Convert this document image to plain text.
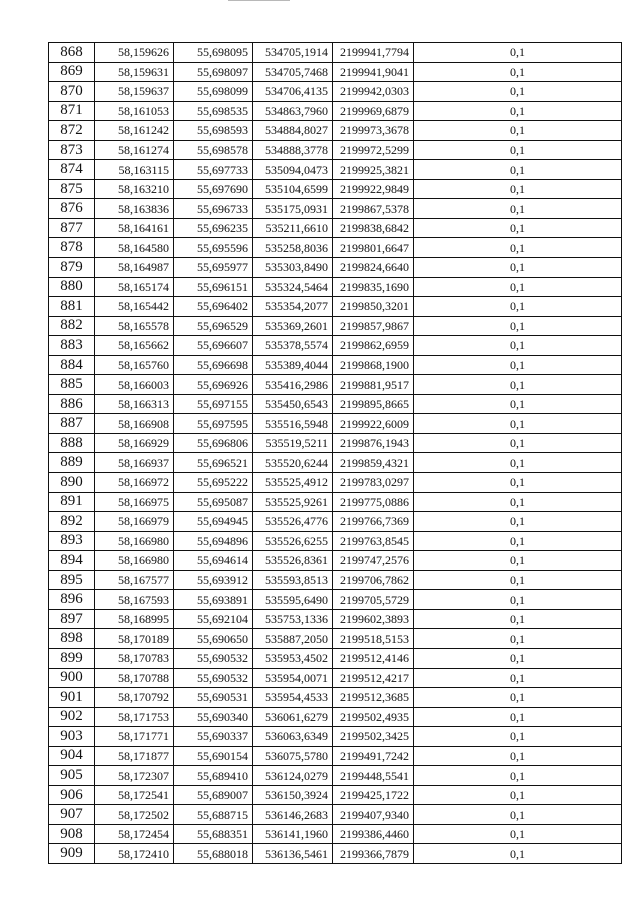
868	58,159626	55,698095	534705,1914	2199941,7794	0,1
869	58,159631	55,698097	534705,7468	2199941,9041	0,1
870	58,159637	55,698099	534706,4135	2199942,0303	0,1
871	58,161053	55,698535	534863,7960	2199969,6879	0,1
872	58,161242	55,698593	534884,8027	2199973,3678	0,1
873	58,161274	55,698578	534888,3778	2199972,5299	0,1
874	58,163115	55,697733	535094,0473	2199925,3821	0,1
875	58,163210	55,697690	535104,6599	2199922,9849	0,1
876	58,163836	55,696733	535175,0931	2199867,5378	0,1
877	58,164161	55,696235	535211,6610	2199838,6842	0,1
878	58,164580	55,695596	535258,8036	2199801,6647	0,1
879	58,164987	55,695977	535303,8490	2199824,6640	0,1
880	58,165174	55,696151	535324,5464	2199835,1690	0,1
881	58,165442	55,696402	535354,2077	2199850,3201	0,1
882	58,165578	55,696529	535369,2601	2199857,9867	0,1
883	58,165662	55,696607	535378,5574	2199862,6959	0,1
884	58,165760	55,696698	535389,4044	2199868,1900	0,1
885	58,166003	55,696926	535416,2986	2199881,9517	0,1
886	58,166313	55,697155	535450,6543	2199895,8665	0,1
887	58,166908	55,697595	535516,5948	2199922,6009	0,1
888	58,166929	55,696806	535519,5211	2199876,1943	0,1
889	58,166937	55,696521	535520,6244	2199859,4321	0,1
890	58,166972	55,695222	535525,4912	2199783,0297	0,1
891	58,166975	55,695087	535525,9261	2199775,0886	0,1
892	58,166979	55,694945	535526,4776	2199766,7369	0,1
893	58,166980	55,694896	535526,6255	2199763,8545	0,1
894	58,166980	55,694614	535526,8361	2199747,2576	0,1
895	58,167577	55,693912	535593,8513	2199706,7862	0,1
896	58,167593	55,693891	535595,6490	2199705,5729	0,1
897	58,168995	55,692104	535753,1336	2199602,3893	0,1
898	58,170189	55,690650	535887,2050	2199518,5153	0,1
899	58,170783	55,690532	535953,4502	2199512,4146	0,1
900	58,170788	55,690532	535954,0071	2199512,4217	0,1
901	58,170792	55,690531	535954,4533	2199512,3685	0,1
902	58,171753	55,690340	536061,6279	2199502,4935	0,1
903	58,171771	55,690337	536063,6349	2199502,3425	0,1
904	58,171877	55,690154	536075,5780	2199491,7242	0,1
905	58,172307	55,689410	536124,0279	2199448,5541	0,1
906	58,172541	55,689007	536150,3924	2199425,1722	0,1
907	58,172502	55,688715	536146,2683	2199407,9340	0,1
908	58,172454	55,688351	536141,1960	2199386,4460	0,1
909	58,172410	55,688018	536136,5461	2199366,7879	0,1
